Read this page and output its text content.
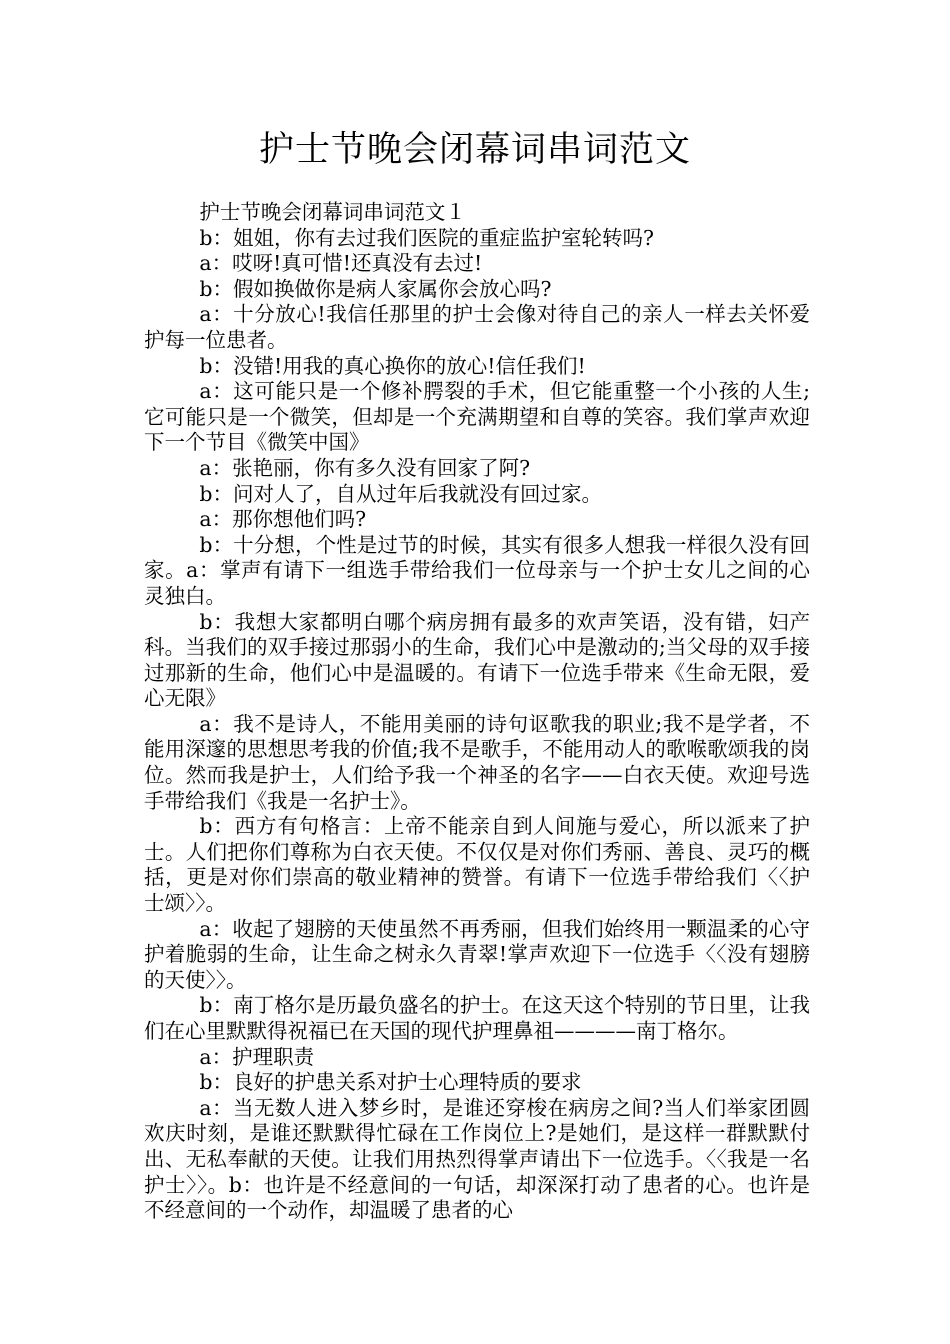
护士节晚会闭幕词串词范文

护士节晚会闭幕词串词范文１

b：姐姐，你有去过我们医院的重症监护室轮转吗?

a：哎呀!真可惜!还真没有去过!

b：假如换做你是病人家属你会放心吗?

a：十分放心!我信任那里的护士会像对待自己的亲人一样去关怀爱护每一位患者。

b：没错!用我的真心换你的放心!信任我们!

a：这可能只是一个修补腭裂的手术，但它能重整一个小孩的人生;它可能只是一个微笑，但却是一个充满期望和自尊的笑容。我们掌声欢迎下一个节目《微笑中国》

a：张艳丽，你有多久没有回家了阿?

b：问对人了，自从过年后我就没有回过家。

a：那你想他们吗?

b：十分想，个性是过节的时候，其实有很多人想我一样很久没有回家。a：掌声有请下一组选手带给我们一位母亲与一个护士女儿之间的心灵独白。

b：我想大家都明白哪个病房拥有最多的欢声笑语，没有错，妇产科。当我们的双手接过那弱小的生命，我们心中是激动的;当父母的双手接过那新的生命，他们心中是温暖的。有请下一位选手带来《生命无限，爱心无限》

a：我不是诗人，不能用美丽的诗句讴歌我的职业;我不是学者，不能用深邃的思想思考我的价值;我不是歌手，不能用动人的歌喉歌颂我的岗位。然而我是护士，人们给予我一个神圣的名字——白衣天使。欢迎号选手带给我们《我是一名护士》。

b：西方有句格言：上帝不能亲自到人间施与爱心，所以派来了护士。人们把你们尊称为白衣天使。不仅仅是对你们秀丽、善良、灵巧的概括，更是对你们崇高的敬业精神的赞誉。有请下一位选手带给我们〈〈护士颂〉〉。

a：收起了翅膀的天使虽然不再秀丽，但我们始终用一颗温柔的心守护着脆弱的生命，让生命之树永久青翠!掌声欢迎下一位选手〈〈没有翅膀的天使〉〉。

b：南丁格尔是历最负盛名的护士。在这天这个特别的节日里，让我们在心里默默得祝福已在天国的现代护理鼻祖————南丁格尔。

a：护理职责

b：良好的护患关系对护士心理特质的要求

a：当无数人进入梦乡时，是谁还穿梭在病房之间?当人们举家团圆欢庆时刻，是谁还默默得忙碌在工作岗位上?是她们，是这样一群默默付出、无私奉献的天使。让我们用热烈得掌声请出下一位选手。〈〈我是一名护士〉〉。b：也许是不经意间的一句话，却深深打动了患者的心。也许是不经意间的一个动作，却温暖了患者的心
